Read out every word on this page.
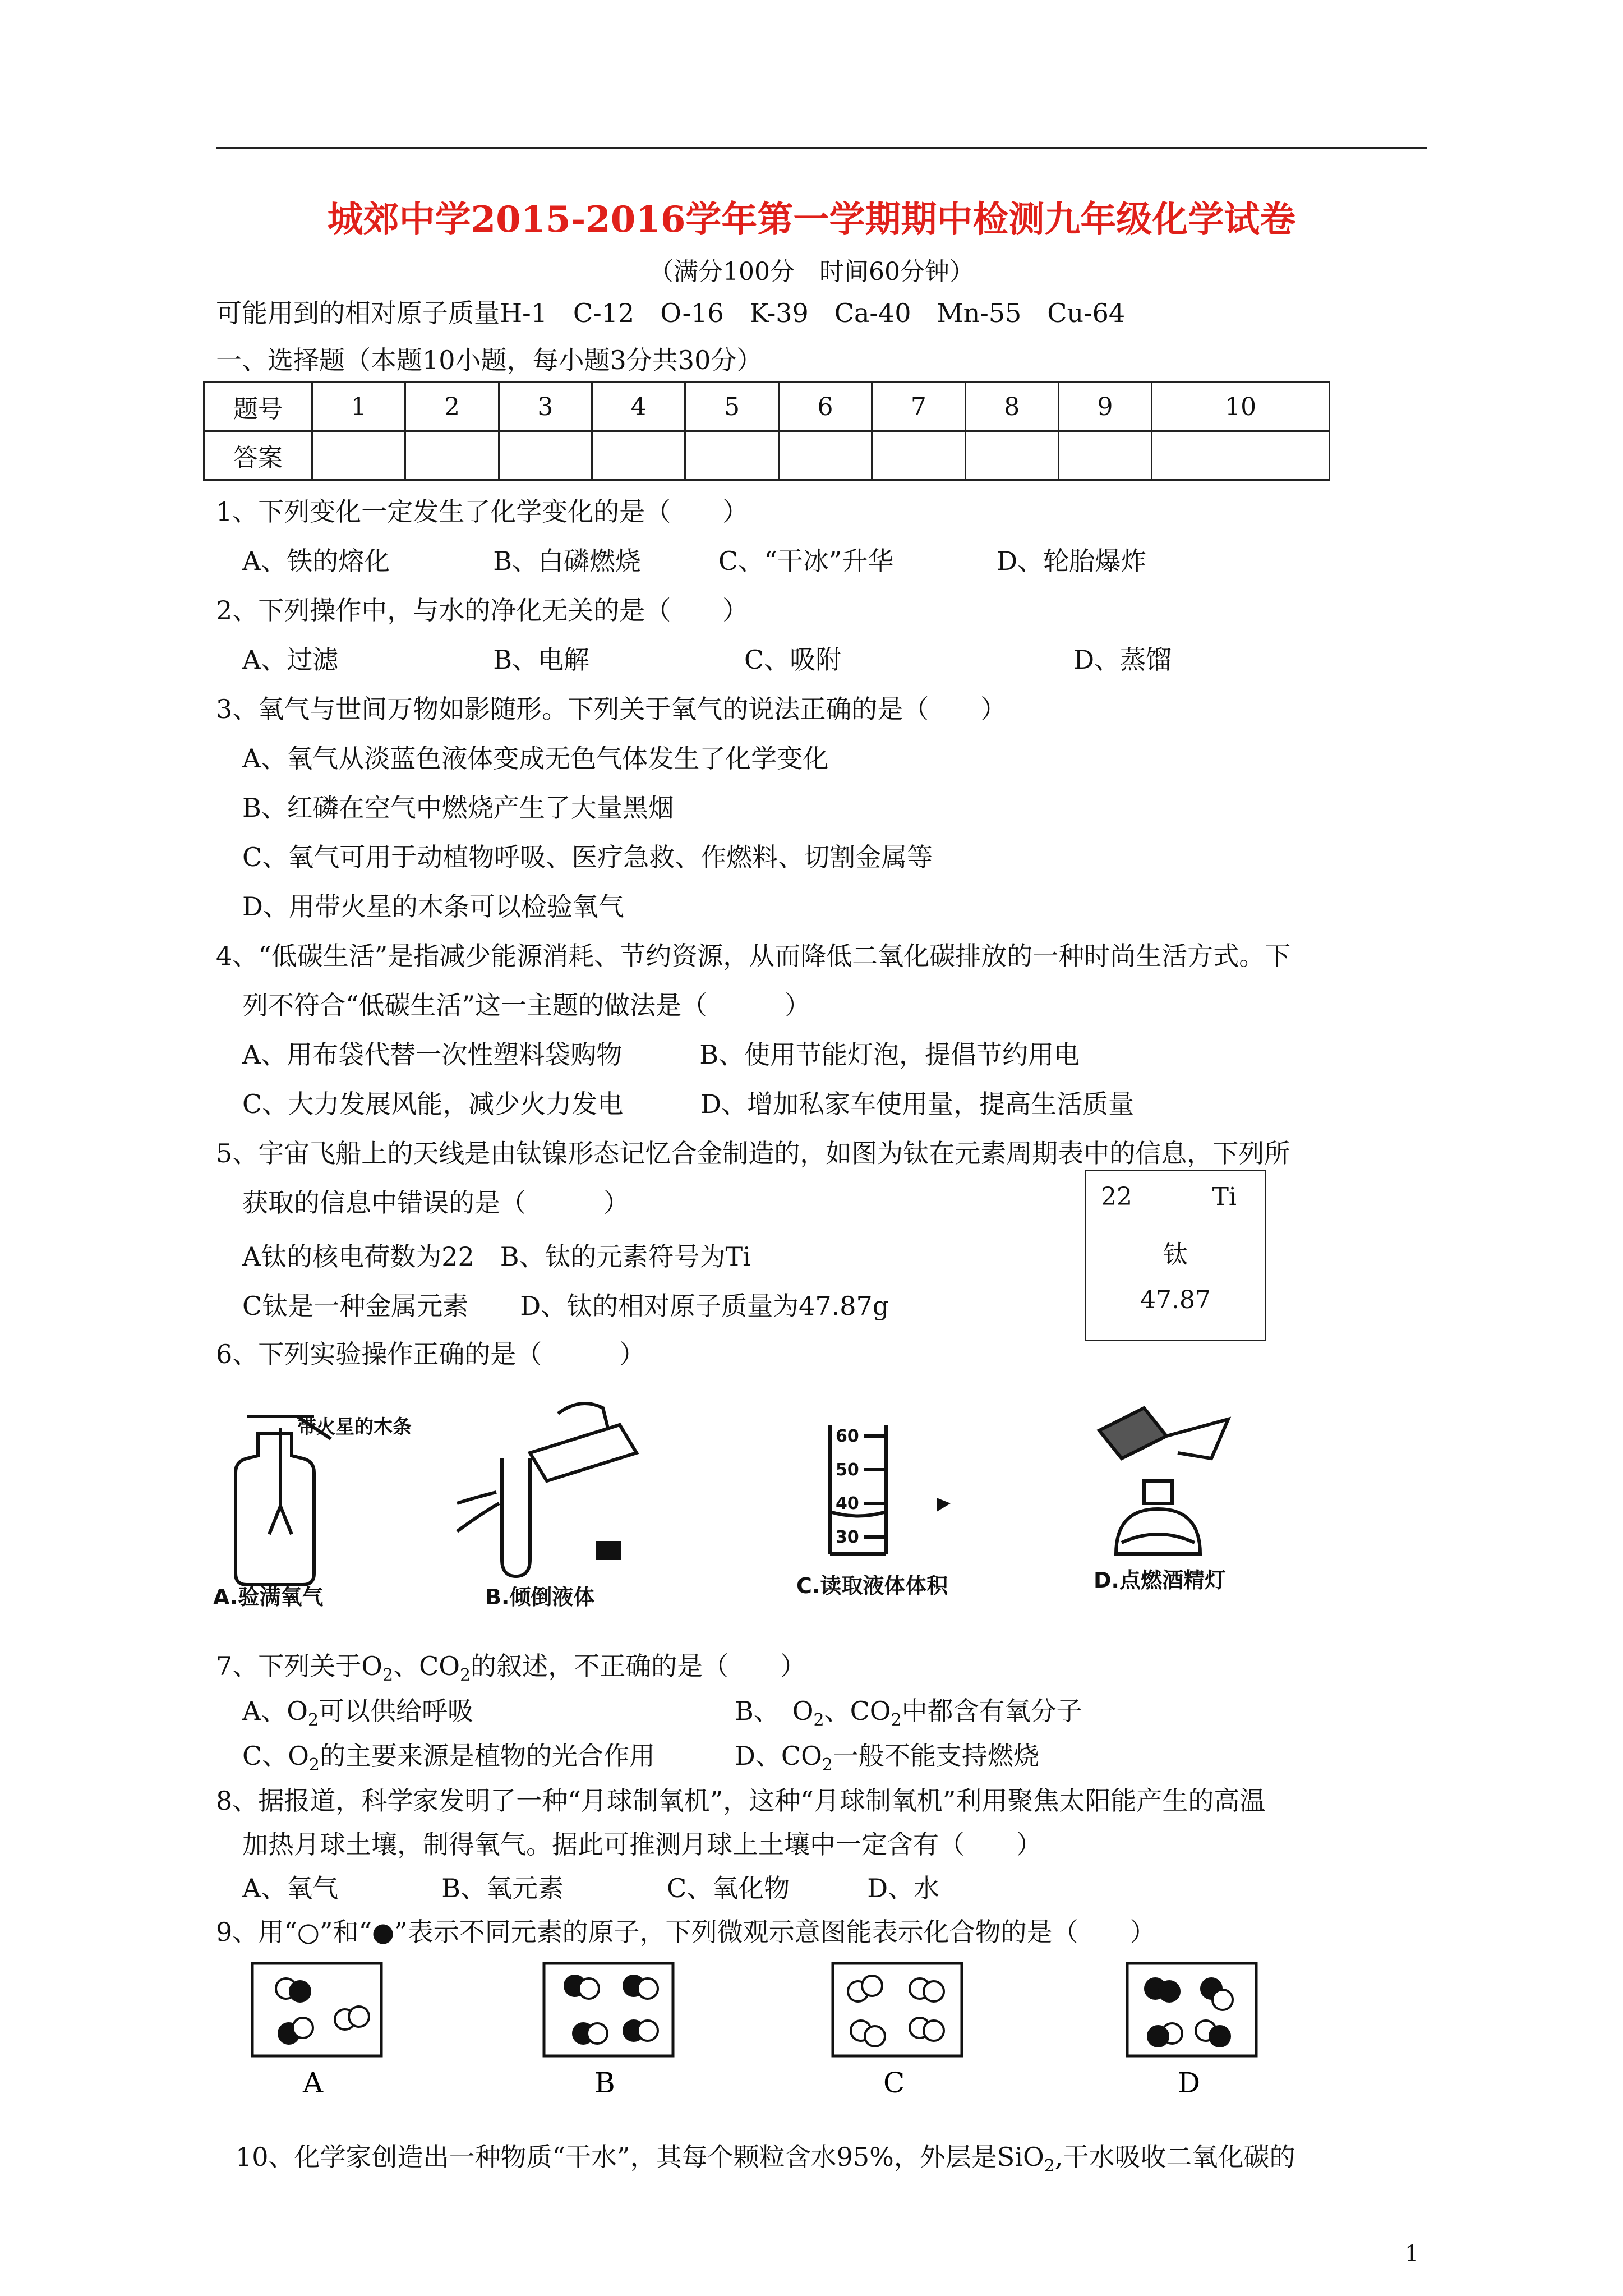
城郊中学2015-2016学年第一学期期中检测九年级化学试卷
（满分100分　时间60分钟）
可能用到的相对原子质量H-1　C-12　O-16　K-39　Ca-40　Mn-55　Cu-64
一、选择题（本题10小题，每小题3分共30分）
题号	1	2	3	4	5	6	7	8	9	10
答案										
1、下列变化一定发生了化学变化的是（　　）
A、铁的熔化　　　　B、白磷燃烧　　　C、“干冰”升华　　　　D、轮胎爆炸
2、下列操作中，与水的净化无关的是（　　）
A、过滤　　　　　　B、电解　　　　　　C、吸附　　　　　　　　　D、蒸馏
3、氧气与世间万物如影随形。下列关于氧气的说法正确的是（　　）
A、氧气从淡蓝色液体变成无色气体发生了化学变化
B、红磷在空气中燃烧产生了大量黑烟
C、氧气可用于动植物呼吸、医疗急救、作燃料、切割金属等
D、用带火星的木条可以检验氧气
4、“低碳生活”是指减少能源消耗、节约资源，从而降低二氧化碳排放的一种时尚生活方式。下
列不符合“低碳生活”这一主题的做法是（　　　）
A、用布袋代替一次性塑料袋购物　　　B、使用节能灯泡，提倡节约用电
C、大力发展风能，减少火力发电　　　D、增加私家车使用量，提高生活质量
5、宇宙飞船上的天线是由钛镍形态记忆合金制造的，如图为钛在元素周期表中的信息，下列所
获取的信息中错误的是（　　　）
A钛的核电荷数为22　B、钛的元素符号为Ti
C钛是一种金属元素　　D、钛的相对原子质量为47.87g
22	Ti
钛
47.87
6、下列实验操作正确的是（　　　）
带火星的木条
A.验满氧气	B.倾倒液体
60
50
40
30
C.读取液体体积	D.点燃酒精灯
7、下列关于$O_2$、$CO_2$的叙述，不正确的是（　　）
A、$O_2$可以供给呼吸	B、　$O_2$、$CO_2$中都含有氧分子
C、$O_2$的主要来源是植物的光合作用	D、$CO_2$一般不能支持燃烧
8、据报道，科学家发明了一种“月球制氧机”，这种“月球制氧机”利用聚焦太阳能产生的高温
加热月球土壤，制得氧气。据此可推测月球上土壤中一定含有（　　）
A、氧气　　　　B、氧元素　　　　C、氧化物　　　D、水
9、用“○”和“●”表示不同元素的原子，下列微观示意图能表示化合物的是（　　）
A	B	C	D
10、化学家创造出一种物质“干水”，其每个颗粒含水95%，外层是SiO$_2$,干水吸收二氧化碳的
1
